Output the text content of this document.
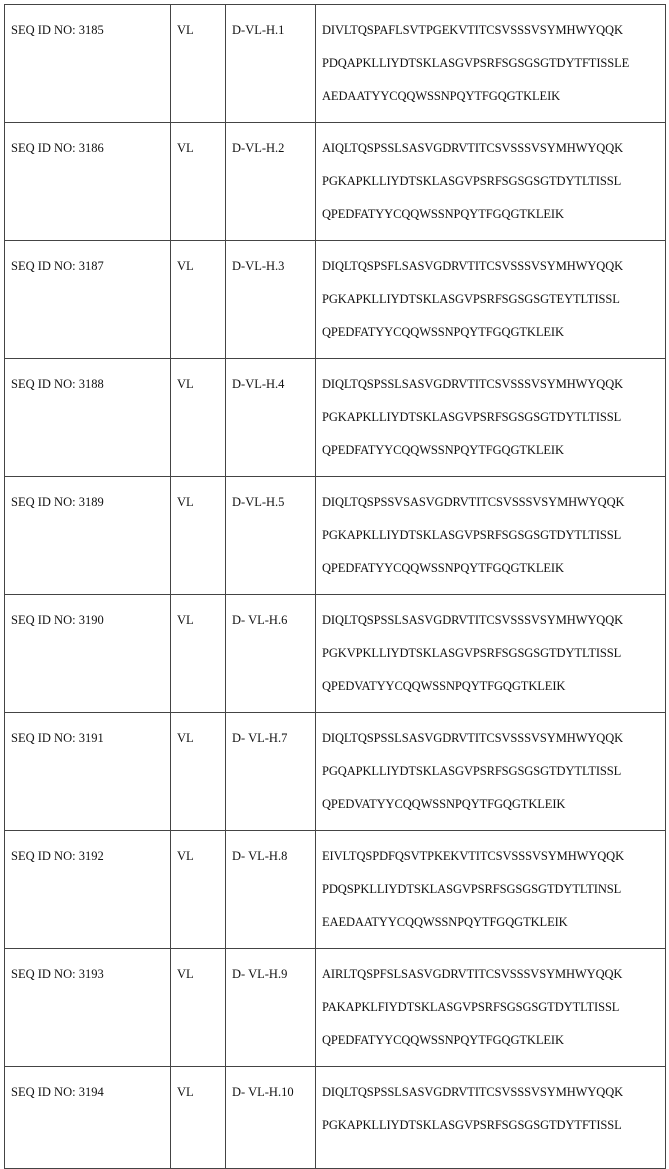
SEQ ID NO: 3185	VL	D-VL-H.1	DIVLTQSPAFLSVTPGEKVTITCSVSSSVSYMHWYQQK
PDQAPKLLIYDTSKLASGVPSRFSGSGSGTDYTFTISSLE
AEDAATYYCQQWSSNPQYTFGQGTKLEIK

SEQ ID NO: 3186	VL	D-VL-H.2	AIQLTQSPSSLSASVGDRVTITCSVSSSVSYMHWYQQK
PGKAPKLLIYDTSKLASGVPSRFSGSGSGTDYTLTISSL
QPEDFATYYCQQWSSNPQYTFGQGTKLEIK

SEQ ID NO: 3187	VL	D-VL-H.3	DIQLTQSPSFLSASVGDRVTITCSVSSSVSYMHWYQQK
PGKAPKLLIYDTSKLASGVPSRFSGSGSGTEYTLTISSL
QPEDFATYYCQQWSSNPQYTFGQGTKLEIK

SEQ ID NO: 3188	VL	D-VL-H.4	DIQLTQSPSSLSASVGDRVTITCSVSSSVSYMHWYQQK
PGKAPKLLIYDTSKLASGVPSRFSGSGSGTDYTLTISSL
QPEDFATYYCQQWSSNPQYTFGQGTKLEIK

SEQ ID NO: 3189	VL	D-VL-H.5	DIQLTQSPSSVSASVGDRVTITCSVSSSVSYMHWYQQK
PGKAPKLLIYDTSKLASGVPSRFSGSGSGTDYTLTISSL
QPEDFATYYCQQWSSNPQYTFGQGTKLEIK

SEQ ID NO: 3190	VL	D- VL-H.6	DIQLTQSPSSLSASVGDRVTITCSVSSSVSYMHWYQQK
PGKVPKLLIYDTSKLASGVPSRFSGSGSGTDYTLTISSL
QPEDVATYYCQQWSSNPQYTFGQGTKLEIK

SEQ ID NO: 3191	VL	D- VL-H.7	DIQLTQSPSSLSASVGDRVTITCSVSSSVSYMHWYQQK
PGQAPKLLIYDTSKLASGVPSRFSGSGSGTDYTLTISSL
QPEDVATYYCQQWSSNPQYTFGQGTKLEIK

SEQ ID NO: 3192	VL	D- VL-H.8	EIVLTQSPDFQSVTPKEKVTITCSVSSSVSYMHWYQQK
PDQSPKLLIYDTSKLASGVPSRFSGSGSGTDYTLTINSL
EAEDAATYYCQQWSSNPQYTFGQGTKLEIK

SEQ ID NO: 3193	VL	D- VL-H.9	AIRLTQSPFSLSASVGDRVTITCSVSSSVSYMHWYQQK
PAKAPKLFIYDTSKLASGVPSRFSGSGSGTDYTLTISSL
QPEDFATYYCQQWSSNPQYTFGQGTKLEIK

SEQ ID NO: 3194	VL	D- VL-H.10	DIQLTQSPSSLSASVGDRVTITCSVSSSVSYMHWYQQK
PGKAPKLLIYDTSKLASGVPSRFSGSGSGTDYTFTISSL
